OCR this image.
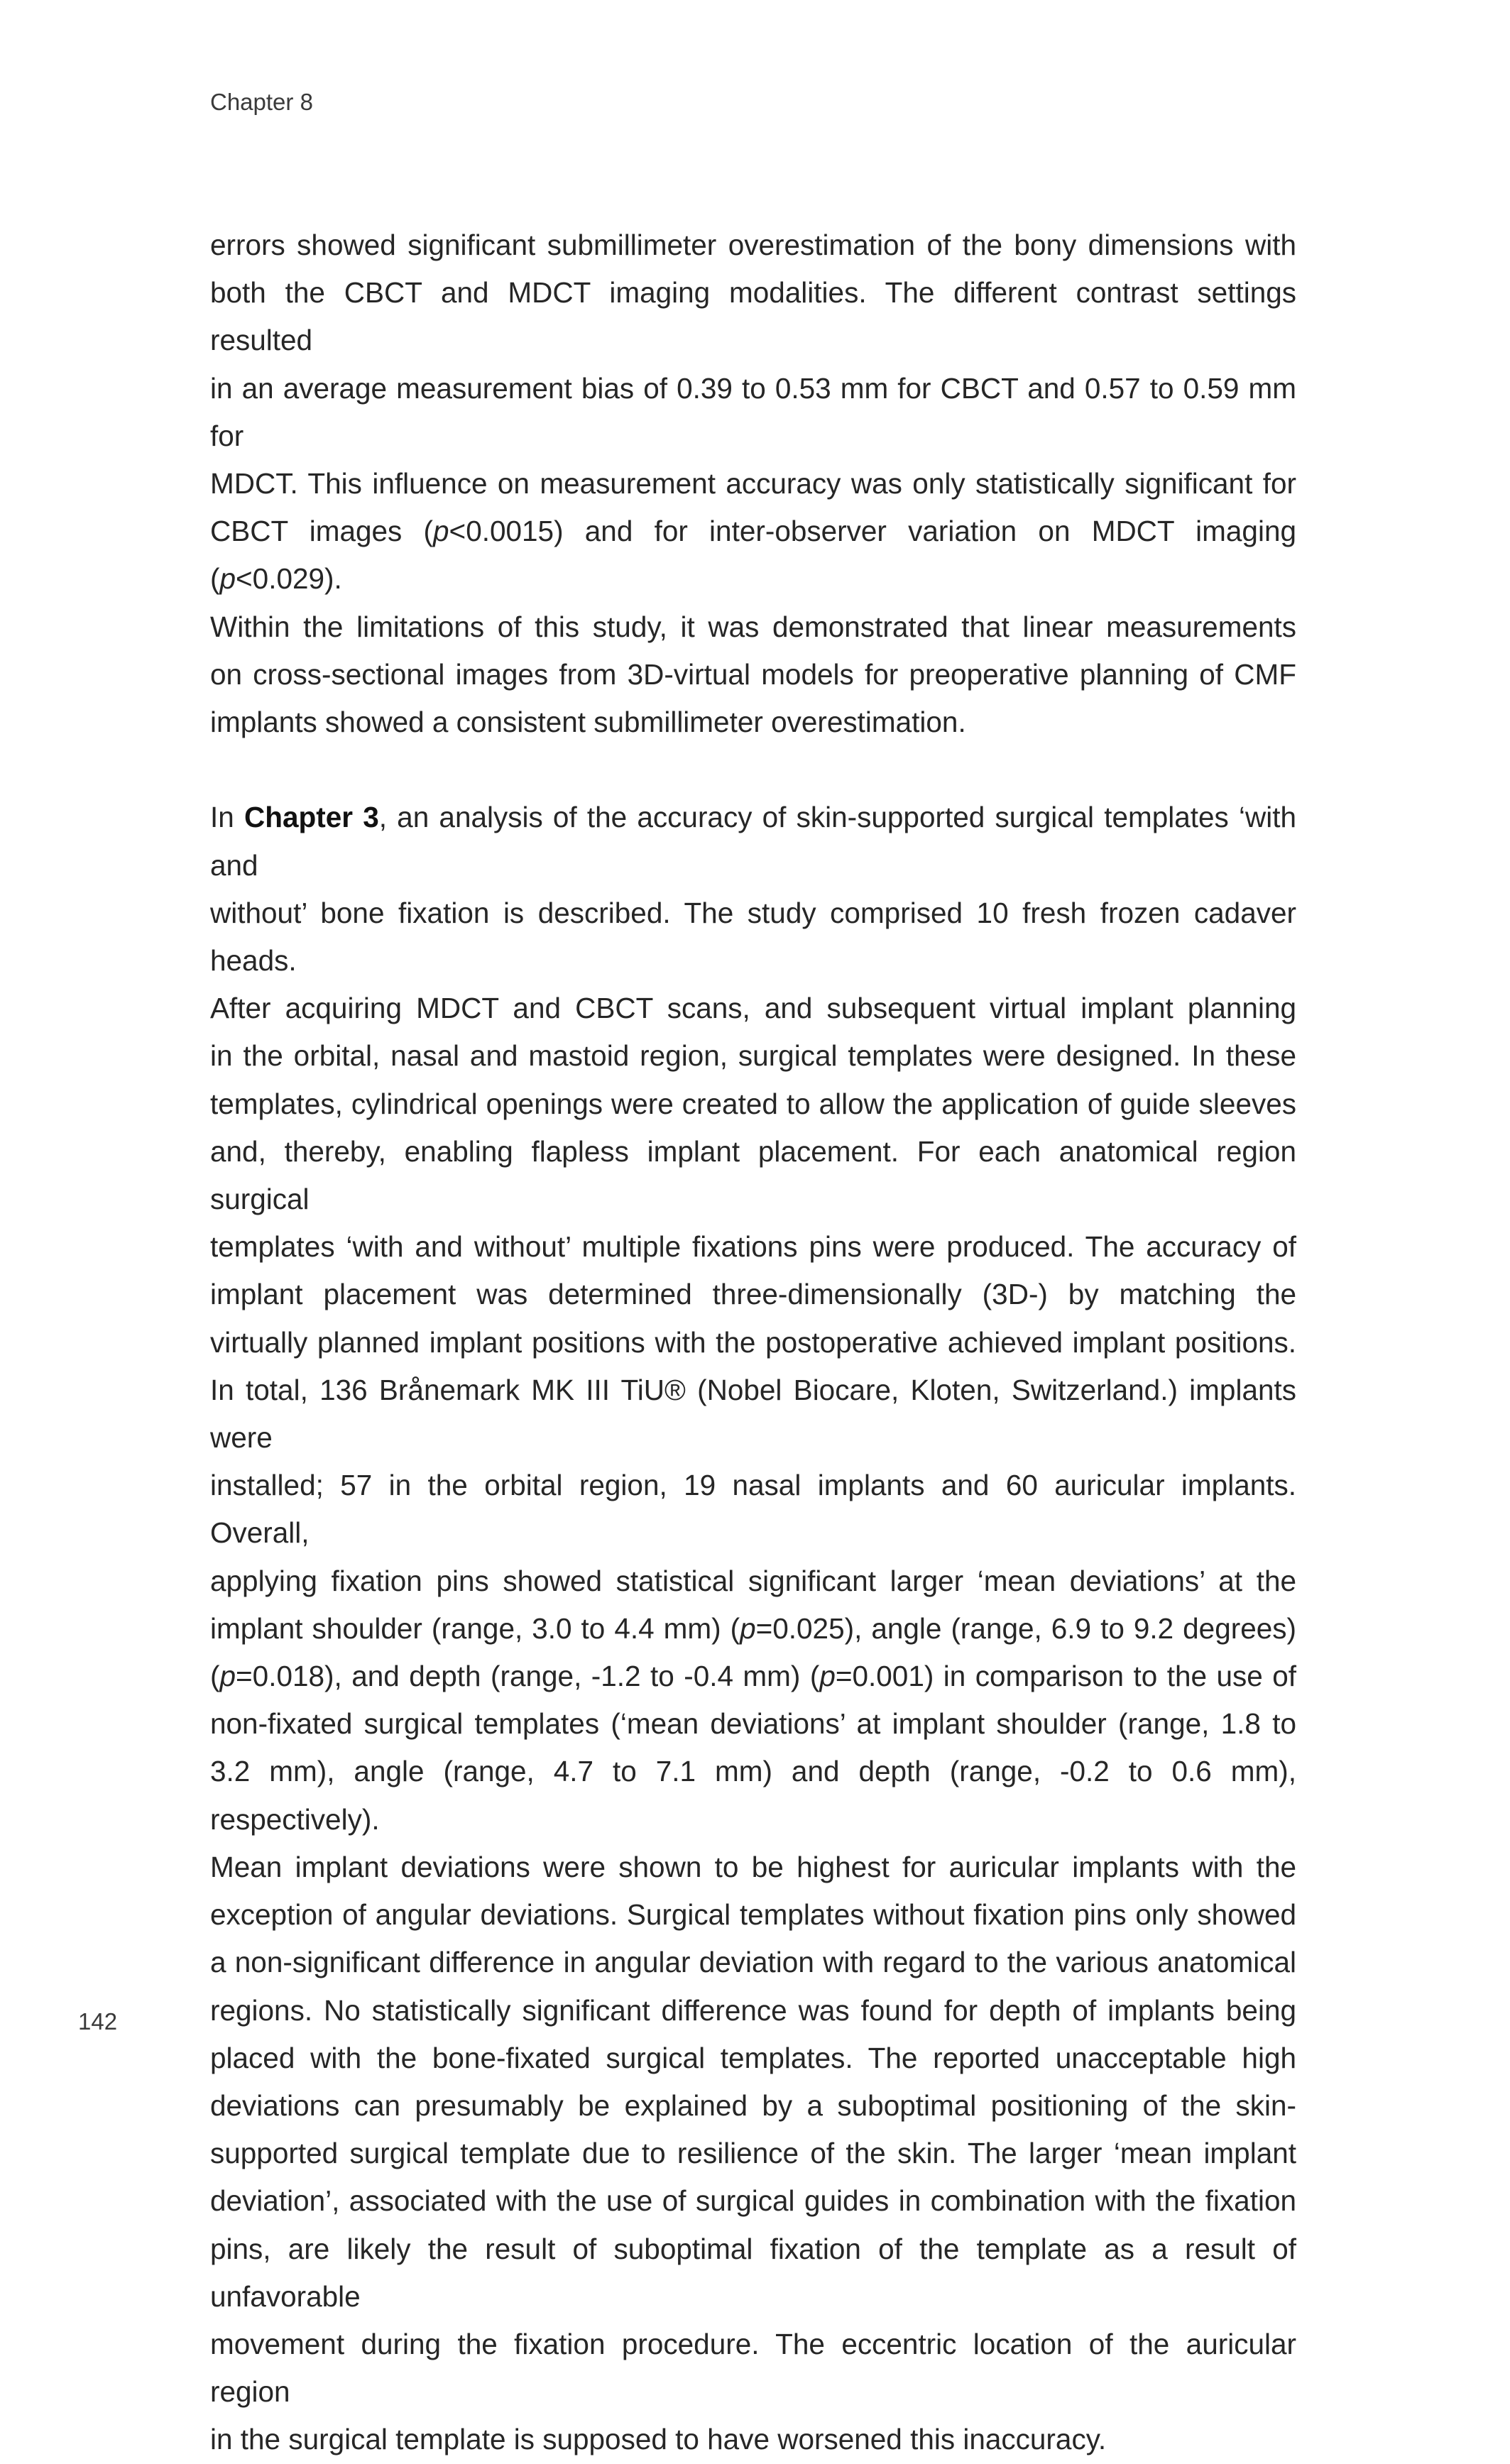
Chapter 8

errors showed significant submillimeter overestimation of the bony dimensions with
both the CBCT and MDCT imaging modalities. The different contrast settings resulted
in an average measurement bias of 0.39 to 0.53 mm for CBCT and 0.57 to 0.59 mm for
MDCT. This influence on measurement accuracy was only statistically significant for
CBCT images (p<0.0015) and for inter-observer variation on MDCT imaging (p<0.029).
Within the limitations of this study, it was demonstrated that linear measurements
on cross-sectional images from 3D-virtual models for preoperative planning of CMF
implants showed a consistent submillimeter overestimation.

In Chapter 3, an analysis of the accuracy of skin-supported surgical templates ‘with and
without’ bone fixation is described. The study comprised 10 fresh frozen cadaver heads.
After acquiring MDCT and CBCT scans, and subsequent virtual implant planning
in the orbital, nasal and mastoid region, surgical templates were designed. In these
templates, cylindrical openings were created to allow the application of guide sleeves
and, thereby, enabling flapless implant placement. For each anatomical region surgical
templates ‘with and without’ multiple fixations pins were produced. The accuracy of
implant placement was determined three-dimensionally (3D-) by matching the
virtually planned implant positions with the postoperative achieved implant positions.
In total, 136 Brånemark MK III TiU® (Nobel Biocare, Kloten, Switzerland.) implants were
installed; 57 in the orbital region, 19 nasal implants and 60 auricular implants. Overall,
applying fixation pins showed statistical significant larger ‘mean deviations’ at the
implant shoulder (range, 3.0 to 4.4 mm) (p=0.025), angle (range, 6.9 to 9.2 degrees)
(p=0.018), and depth (range, -1.2 to -0.4 mm) (p=0.001) in comparison to the use of
non-fixated surgical templates (‘mean deviations’ at implant shoulder (range, 1.8 to
3.2 mm), angle (range, 4.7 to 7.1 mm) and depth (range, -0.2 to 0.6 mm), respectively).
Mean implant deviations were shown to be highest for auricular implants with the
exception of angular deviations. Surgical templates without fixation pins only showed
a non-significant difference in angular deviation with regard to the various anatomical
regions. No statistically significant difference was found for depth of implants being
placed with the bone-fixated surgical templates. The reported unacceptable high
deviations can presumably be explained by a suboptimal positioning of the skin-
supported surgical template due to resilience of the skin. The larger ‘mean implant
deviation’, associated with the use of surgical guides in combination with the fixation
pins, are likely the result of suboptimal fixation of the template as a result of unfavorable
movement during the fixation procedure. The eccentric location of the auricular region
in the surgical template is supposed to have worsened this inaccuracy.

142
